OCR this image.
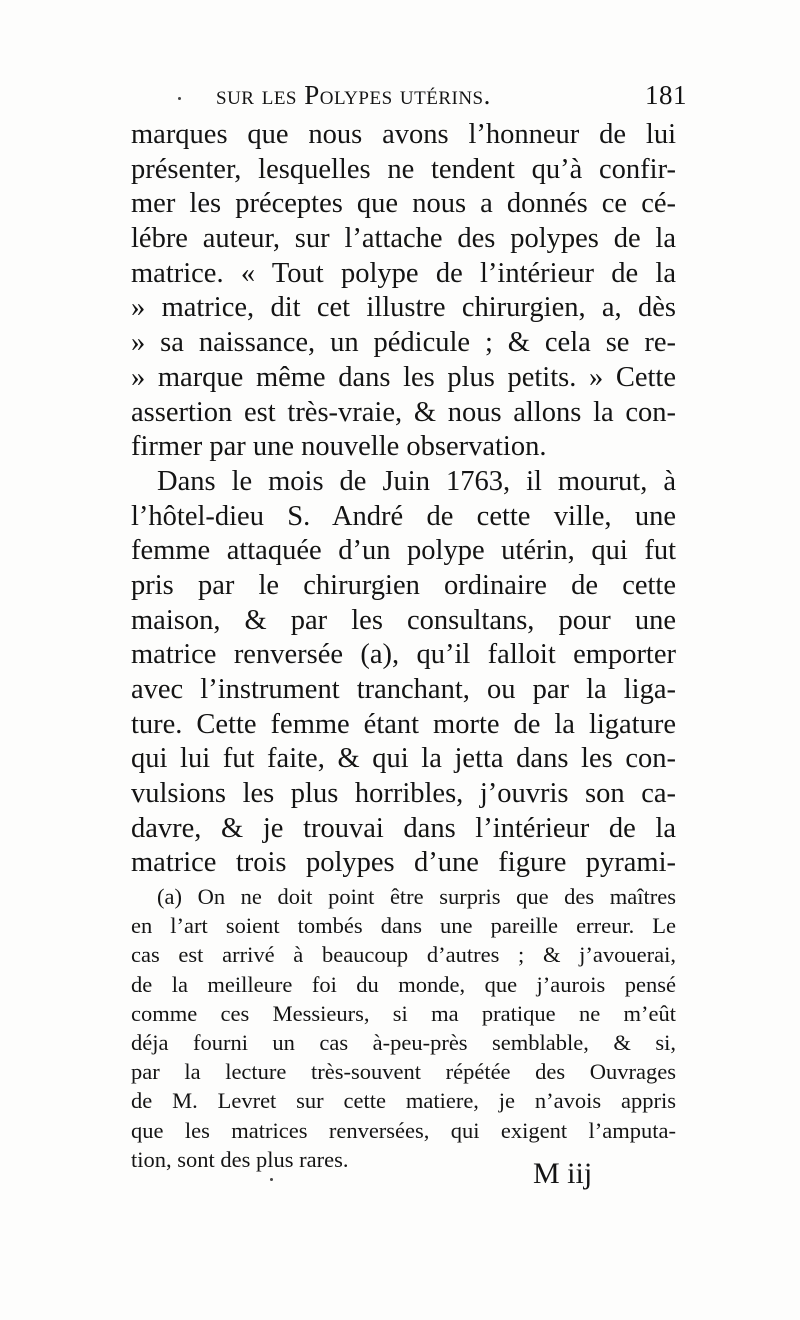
sur les Polypes utérins.	181
marques que nous avons l’honneur de lui
présenter, lesquelles ne tendent qu’à confir-
mer les préceptes que nous a donnés ce cé-
lébre auteur, sur l’attache des polypes de la
matrice. « Tout polype de l’intérieur de la
» matrice, dit cet illustre chirurgien, a, dès
» sa naissance, un pédicule ; & cela se re-
» marque même dans les plus petits. » Cette
assertion est très-vraie, & nous allons la con-
firmer par une nouvelle observation.
Dans le mois de Juin 1763, il mourut, à
l’hôtel-dieu S. André de cette ville, une
femme attaquée d’un polype utérin, qui fut
pris par le chirurgien ordinaire de cette
maison, & par les consultans, pour une
matrice renversée (a), qu’il falloit emporter
avec l’instrument tranchant, ou par la liga-
ture. Cette femme étant morte de la ligature
qui lui fut faite, & qui la jetta dans les con-
vulsions les plus horribles, j’ouvris son ca-
davre, & je trouvai dans l’intérieur de la
matrice trois polypes d’une figure pyrami-
(a) On ne doit point être surpris que des maîtres
en l’art soient tombés dans une pareille erreur. Le
cas est arrivé à beaucoup d’autres ; & j’avouerai,
de la meilleure foi du monde, que j’aurois pensé
comme ces Messieurs, si ma pratique ne m’eût
déja fourni un cas à-peu-près semblable, & si,
par la lecture très-souvent répétée des Ouvrages
de M. Levret sur cette matiere, je n’avois appris
que les matrices renversées, qui exigent l’amputa-
tion, sont des plus rares.	M iij
